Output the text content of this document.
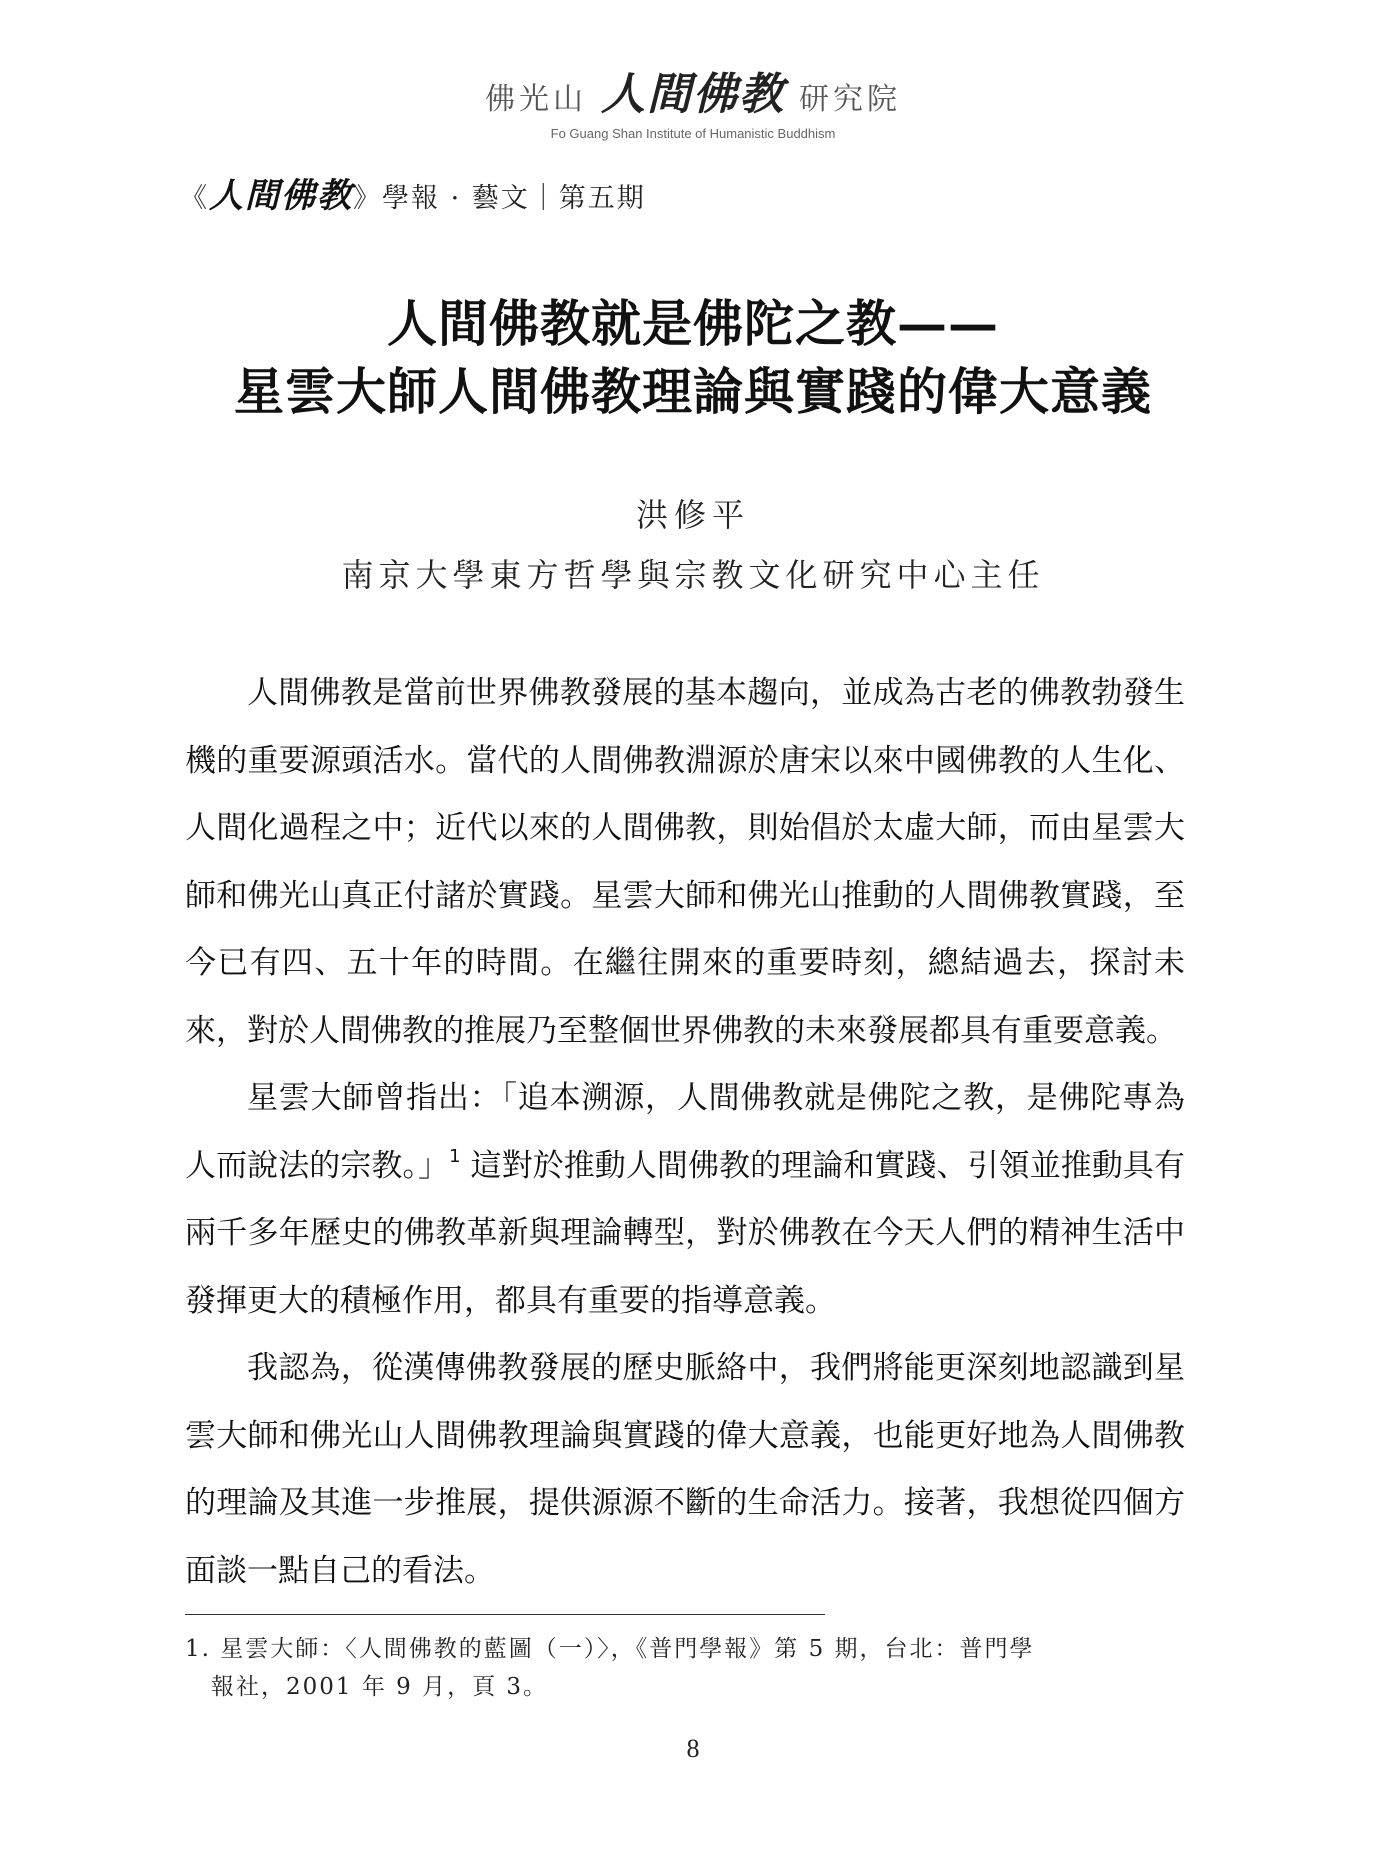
佛光山 人間佛教 研究院
Fo Guang Shan Institute of Humanistic Buddhism
《 人間佛教 》學報 · 藝文｜第五期
人間佛教就是佛陀之教——
星雲大師人間佛教理論與實踐的偉大意義
洪修平
南京大學東方哲學與宗教文化研究中心主任

人間佛教是當前世界佛教發展的基本趨向，並成為古老的佛教勃發生機的重要源頭活水。當代的人間佛教淵源於唐宋以來中國佛教的人生化、人間化過程之中；近代以來的人間佛教，則始倡於太虛大師，而由星雲大師和佛光山真正付諸於實踐。星雲大師和佛光山推動的人間佛教實踐，至今已有四、五十年的時間。在繼往開來的重要時刻，總結過去，探討未來，對於人間佛教的推展乃至整個世界佛教的未來發展都具有重要意義。

星雲大師曾指出：「追本溯源，人間佛教就是佛陀之教，是佛陀專為人而說法的宗教。」$^1$ 這對於推動人間佛教的理論和實踐、引領並推動具有兩千多年歷史的佛教革新與理論轉型，對於佛教在今天人們的精神生活中發揮更大的積極作用，都具有重要的指導意義。

我認為，從漢傳佛教發展的歷史脈絡中，我們將能更深刻地認識到星雲大師和佛光山人間佛教理論與實踐的偉大意義，也能更好地為人間佛教的理論及其進一步推展，提供源源不斷的生命活力。接著，我想從四個方面談一點自己的看法。

1. 星雲大師：〈人間佛教的藍圖（一）〉，《普門學報》第 5 期，台北：普門學
報社，2001 年 9 月，頁 3。
8
